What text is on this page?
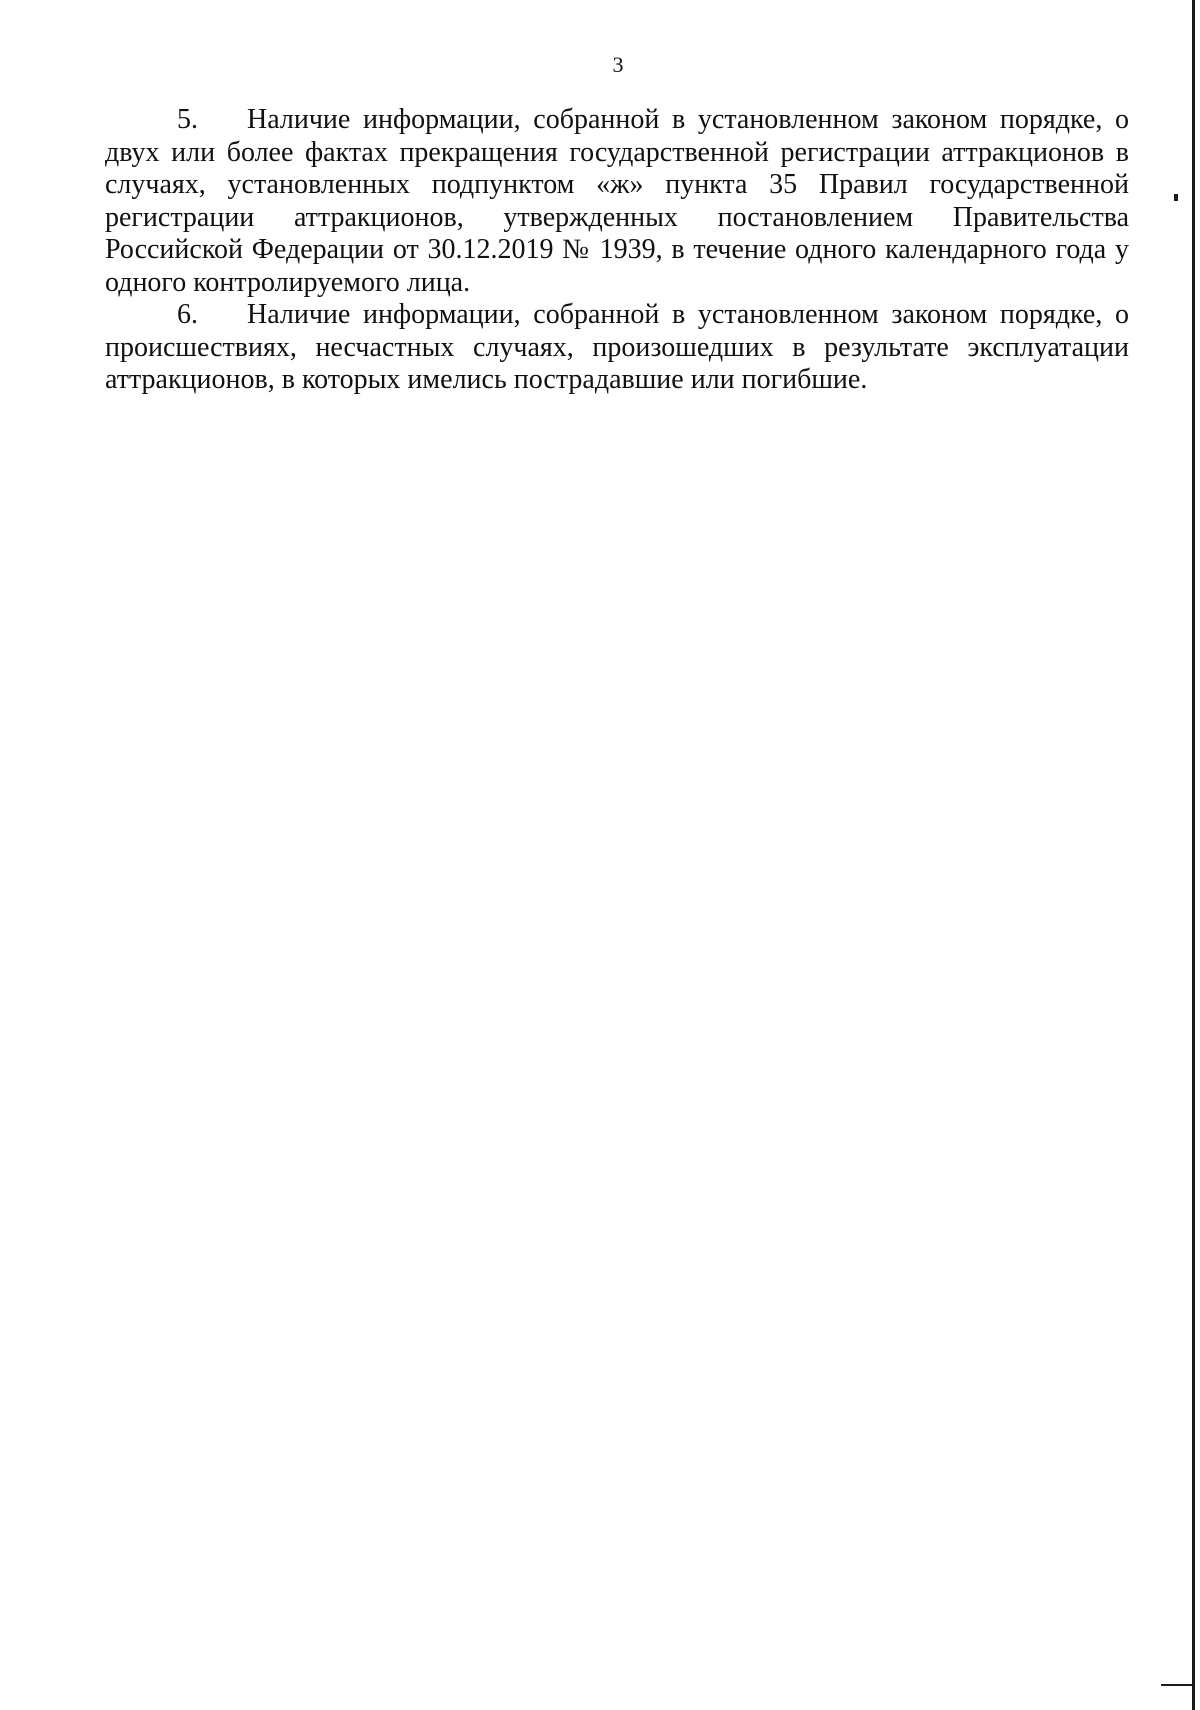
3

5. Наличие информации, собранной в установленном законом порядке, о двух или более фактах прекращения государственной регистрации аттракционов в случаях, установленных подпунктом «ж» пункта 35 Правил государственной регистрации аттракционов, утвержденных постановлением Правительства Российской Федерации от 30.12.2019 № 1939, в течение одного календарного года у одного контролируемого лица.

6. Наличие информации, собранной в установленном законом порядке, о происшествиях, несчастных случаях, произошедших в результате эксплуатации аттракционов, в которых имелись пострадавшие или погибшие.
